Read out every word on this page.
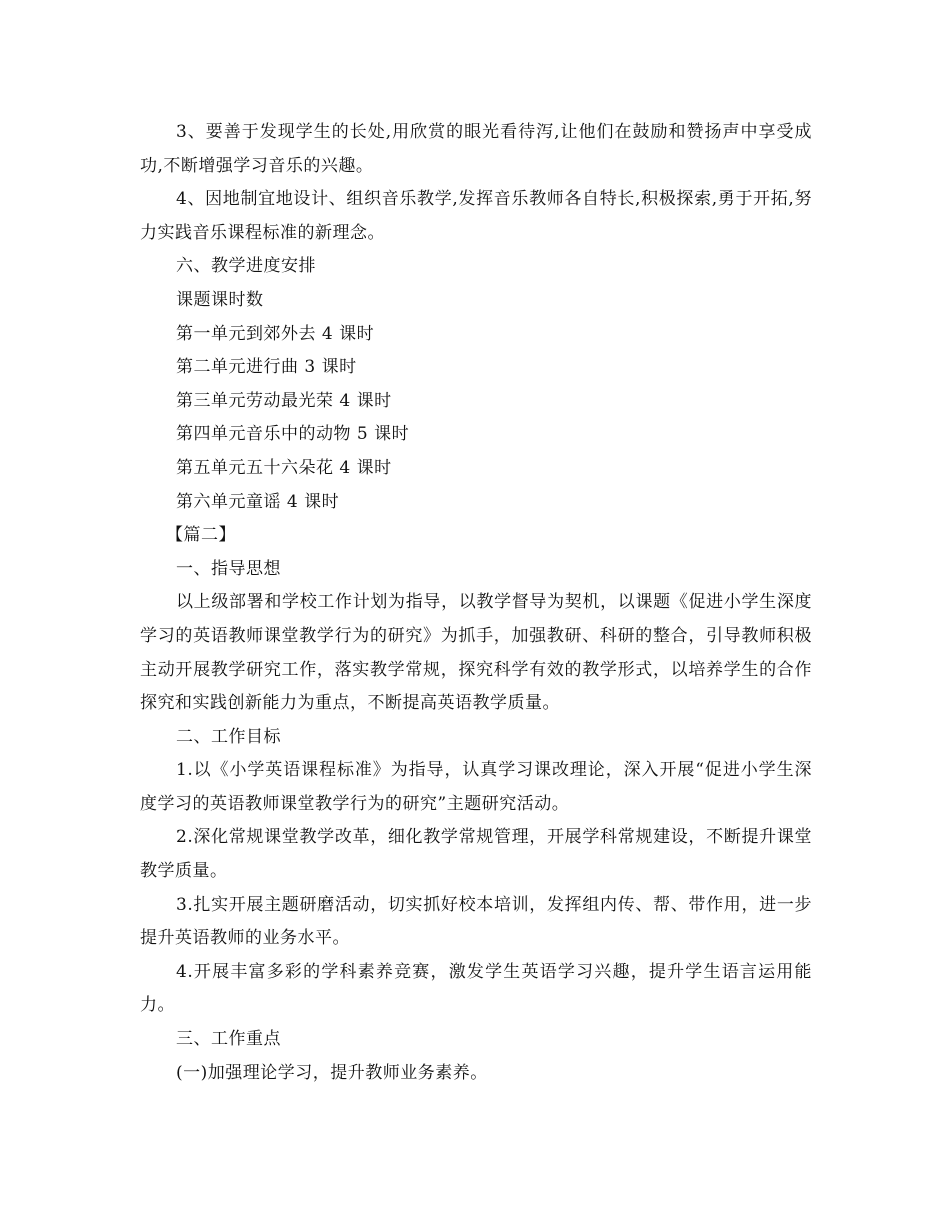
3、要善于发现学生的长处,用欣赏的眼光看待泻,让他们在鼓励和赞扬声中享受成功,不断增强学习音乐的兴趣。

4、因地制宜地设计、组织音乐教学,发挥音乐教师各自特长,积极探索,勇于开拓,努力实践音乐课程标准的新理念。

六、教学进度安排

课题课时数

第一单元到郊外去 4 课时

第二单元进行曲 3 课时

第三单元劳动最光荣 4 课时

第四单元音乐中的动物 5 课时

第五单元五十六朵花 4 课时

第六单元童谣 4 课时

【篇二】

一、指导思想

以上级部署和学校工作计划为指导，以教学督导为契机，以课题《促进小学生深度学习的英语教师课堂教学行为的研究》为抓手，加强教研、科研的整合，引导教师积极主动开展教学研究工作，落实教学常规，探究科学有效的教学形式，以培养学生的合作探究和实践创新能力为重点，不断提高英语教学质量。

二、工作目标

1.以《小学英语课程标准》为指导，认真学习课改理论，深入开展“促进小学生深度学习的英语教师课堂教学行为的研究”主题研究活动。

2.深化常规课堂教学改革，细化教学常规管理，开展学科常规建设，不断提升课堂教学质量。

3.扎实开展主题研磨活动，切实抓好校本培训，发挥组内传、帮、带作用，进一步提升英语教师的业务水平。

4.开展丰富多彩的学科素养竞赛，激发学生英语学习兴趣，提升学生语言运用能力。

三、工作重点

(一)加强理论学习，提升教师业务素养。
